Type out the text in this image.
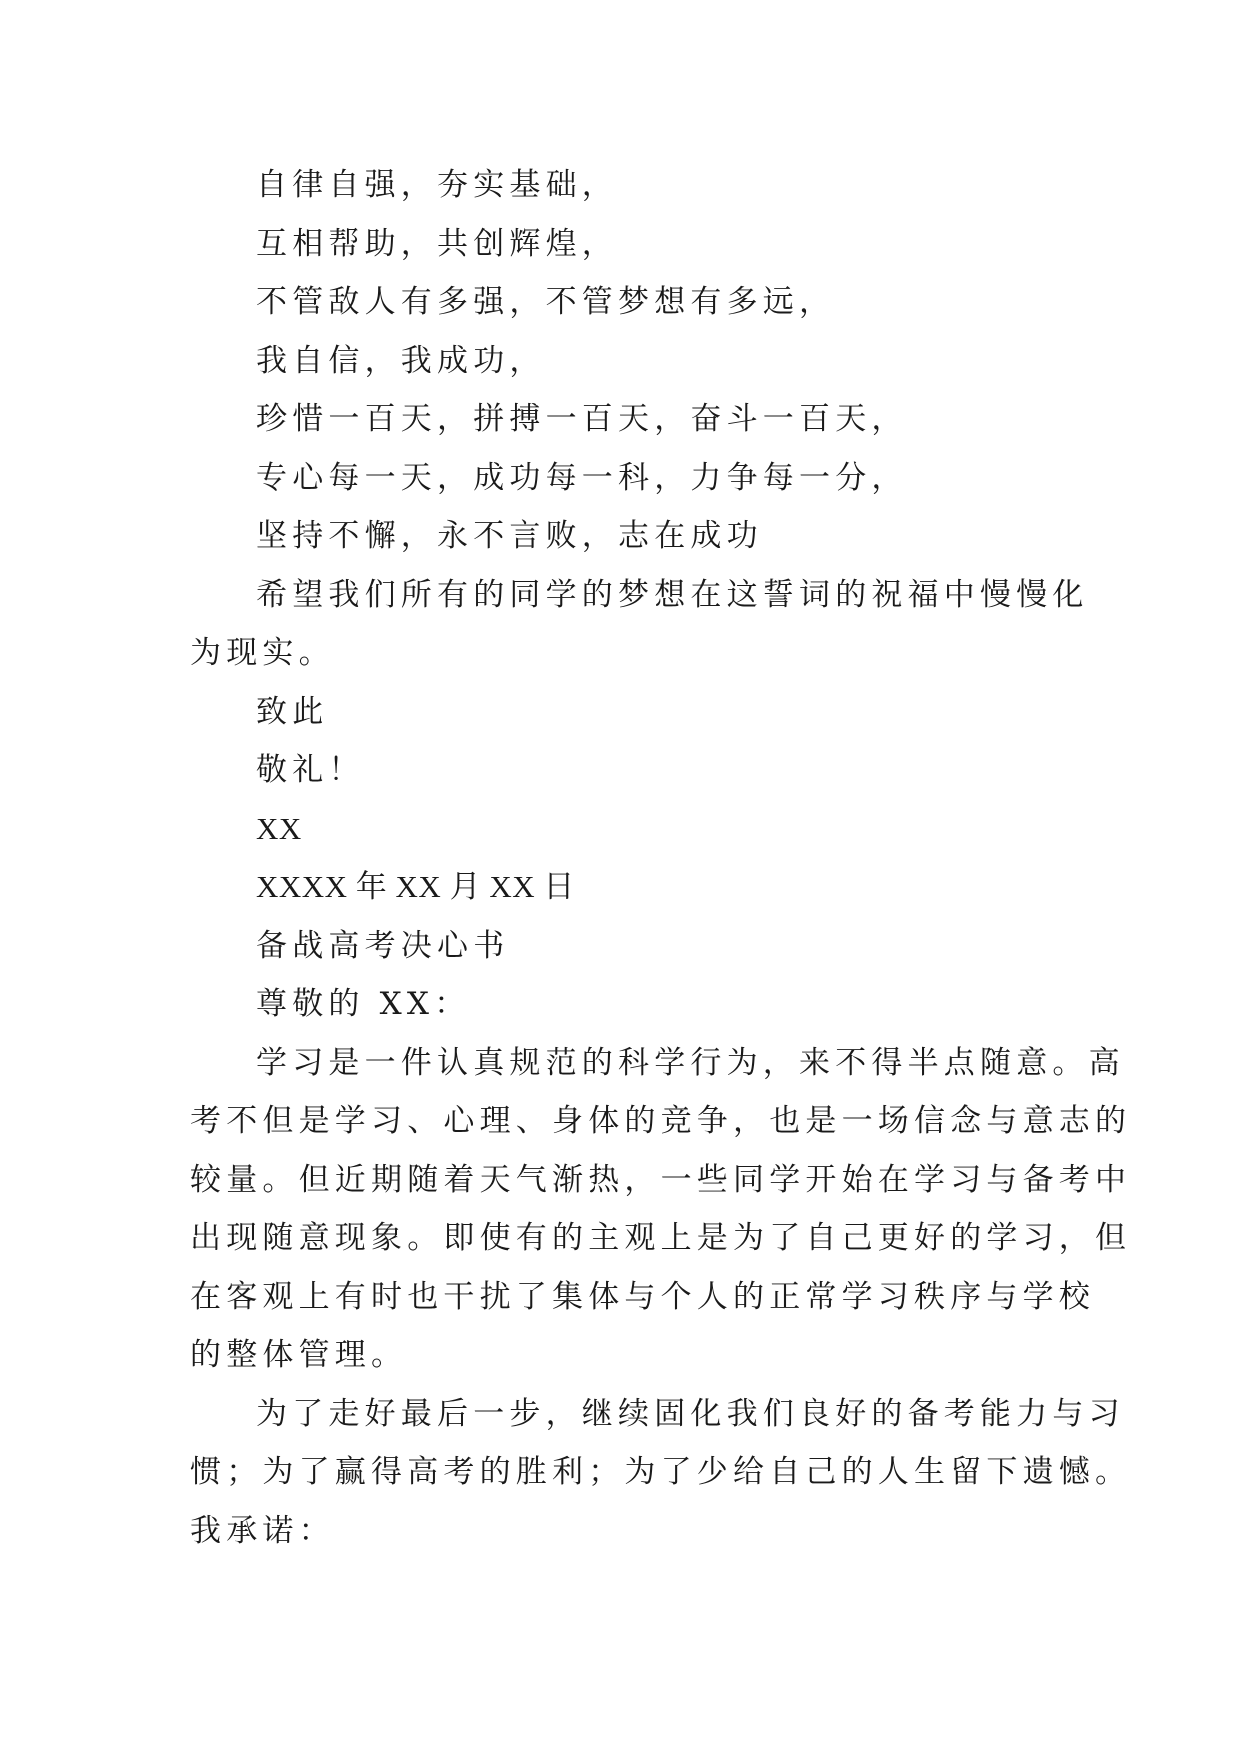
自律自强，夯实基础，
互相帮助，共创辉煌，
不管敌人有多强，不管梦想有多远，
我自信，我成功，
珍惜一百天，拼搏一百天，奋斗一百天，
专心每一天，成功每一科，力争每一分，
坚持不懈，永不言败，志在成功
希望我们所有的同学的梦想在这誓词的祝福中慢慢化
为现实。
致此
敬礼！
XX
XXXX 年 XX 月 XX 日
备战高考决心书
尊敬的 XX：
学习是一件认真规范的科学行为，来不得半点随意。高
考不但是学习、心理、身体的竞争，也是一场信念与意志的
较量。但近期随着天气渐热，一些同学开始在学习与备考中
出现随意现象。即使有的主观上是为了自己更好的学习，但
在客观上有时也干扰了集体与个人的正常学习秩序与学校
的整体管理。
为了走好最后一步，继续固化我们良好的备考能力与习
惯；为了赢得高考的胜利；为了少给自己的人生留下遗憾。
我承诺：
